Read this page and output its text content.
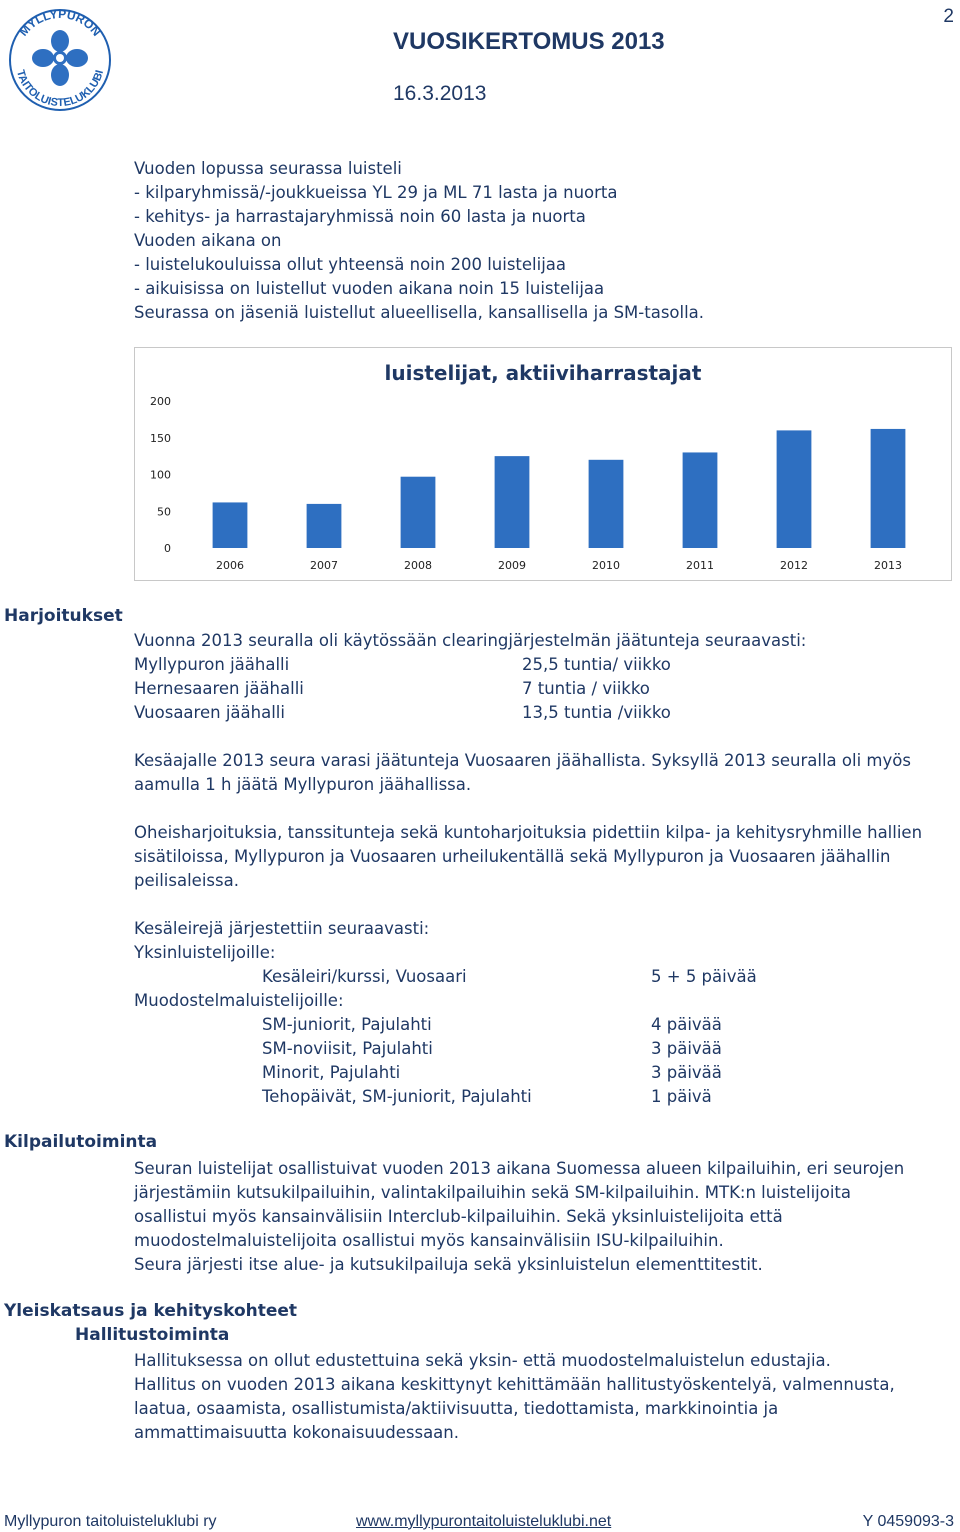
MYLLYPURON
TAITOLUISTELUKLUBI
2
VUOSIKERTOMUS 2013
16.3.2013
Vuoden lopussa seurassa luisteli
- kilparyhmissä/-joukkueissa YL 29 ja ML 71 lasta ja nuorta
- kehitys- ja harrastajaryhmissä noin 60 lasta ja nuorta
Vuoden aikana on
- luistelukouluissa ollut yhteensä noin 200 luistelijaa
- aikuisissa on luistellut vuoden aikana noin 15 luistelijaa
Seurassa on jäseniä luistellut alueellisella, kansallisella ja SM-tasolla.
luistelijat, aktiiviharrastajat
0
50
100
150
200
2006	2007	2008	2009	2010	2011	2012	2013
Harjoitukset
Vuonna 2013 seuralla oli käytössään clearingjärjestelmän jäätunteja seuraavasti:
Myllypuron jäähalli	25,5 tuntia/ viikko
Hernesaaren jäähalli	7 tuntia / viikko
Vuosaaren jäähalli	13,5 tuntia /viikko
Kesäajalle 2013 seura varasi jäätunteja Vuosaaren jäähallista. Syksyllä 2013 seuralla oli myös
aamulla 1 h jäätä Myllypuron jäähallissa.
Oheisharjoituksia, tanssitunteja sekä kuntoharjoituksia pidettiin kilpa- ja kehitysryhmille hallien
sisätiloissa, Myllypuron ja Vuosaaren urheilukentällä sekä Myllypuron ja Vuosaaren jäähallin
peilisaleissa.
Kesäleirejä järjestettiin seuraavasti:
Yksinluistelijoille:
Kesäleiri/kurssi, Vuosaari	5 + 5 päivää
Muodostelmaluistelijoille:
SM-juniorit, Pajulahti	4 päivää
SM-noviisit, Pajulahti	3 päivää
Minorit, Pajulahti	3 päivää
Tehopäivät, SM-juniorit, Pajulahti	1 päivä
Kilpailutoiminta
Seuran luistelijat osallistuivat vuoden 2013 aikana Suomessa alueen kilpailuihin, eri seurojen
järjestämiin kutsukilpailuihin, valintakilpailuihin sekä SM-kilpailuihin. MTK:n luistelijoita
osallistui myös kansainvälisiin Interclub-kilpailuihin. Sekä yksinluistelijoita että
muodostelmaluistelijoita osallistui myös kansainvälisiin ISU-kilpailuihin.
Seura järjesti itse alue- ja kutsukilpailuja sekä yksinluistelun elementtitestit.
Yleiskatsaus ja kehityskohteet
Hallitustoiminta
Hallituksessa on ollut edustettuina sekä yksin- että muodostelmaluistelun edustajia.
Hallitus on vuoden 2013 aikana keskittynyt kehittämään hallitustyöskentelyä, valmennusta,
laatua, osaamista, osallistumista/aktiivisuutta, tiedottamista, markkinointia ja
ammattimaisuutta kokonaisuudessaan.
Myllypuron taitoluisteluklubi ry	www.myllypurontaitoluisteluklubi.net	Y 0459093-3
